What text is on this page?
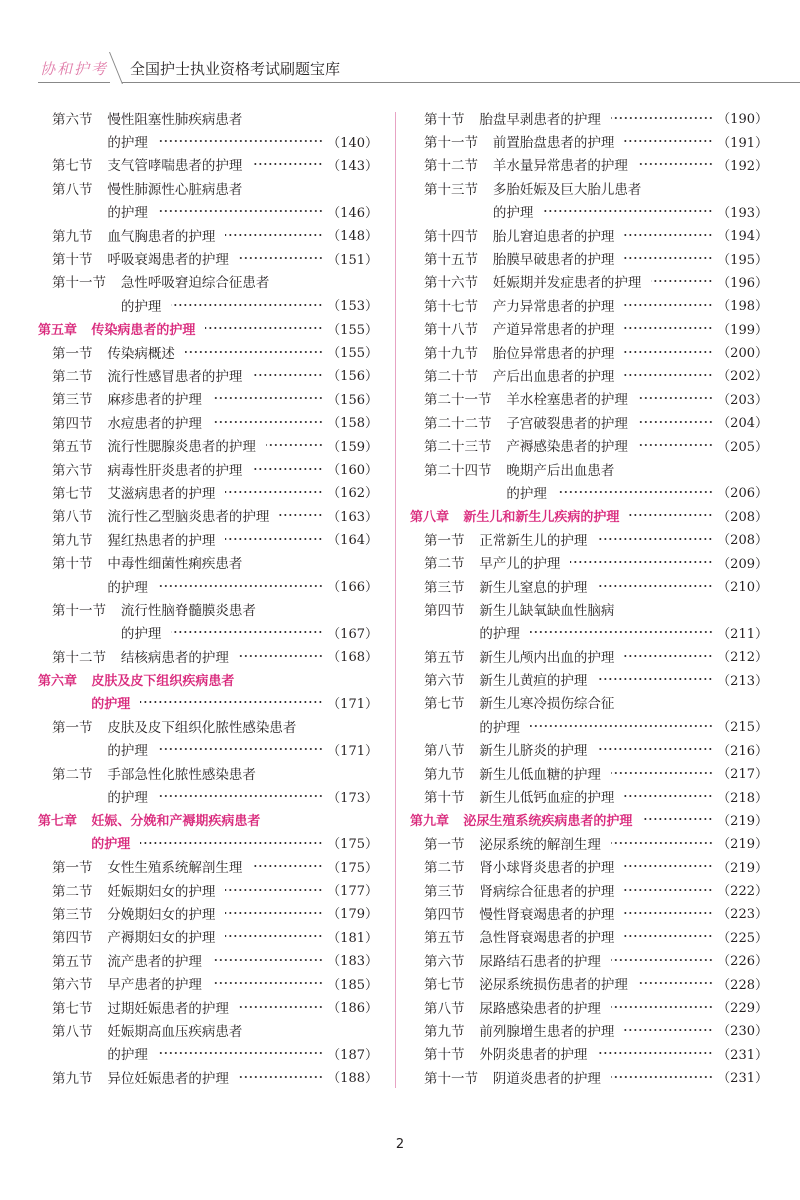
协和护考 全国护士执业资格考试刷题宝库
第六节 慢性阻塞性肺疾病患者
的护理	（140）
第七节 支气管哮喘患者的护理	（143）
第八节 慢性肺源性心脏病患者
的护理	（146）
第九节 血气胸患者的护理	（148）
第十节 呼吸衰竭患者的护理	（151）
第十一节 急性呼吸窘迫综合征患者
的护理	（153）
第五章 传染病患者的护理	（155）
第一节 传染病概述	（155）
第二节 流行性感冒患者的护理	（156）
第三节 麻疹患者的护理	（156）
第四节 水痘患者的护理	（158）
第五节 流行性腮腺炎患者的护理	（159）
第六节 病毒性肝炎患者的护理	（160）
第七节 艾滋病患者的护理	（162）
第八节 流行性乙型脑炎患者的护理	（163）
第九节 猩红热患者的护理	（164）
第十节 中毒性细菌性痢疾患者
的护理	（166）
第十一节 流行性脑脊髓膜炎患者
的护理	（167）
第十二节 结核病患者的护理	（168）
第六章 皮肤及皮下组织疾病患者
的护理	（171）
第一节 皮肤及皮下组织化脓性感染患者
的护理	（171）
第二节 手部急性化脓性感染患者
的护理	（173）
第七章 妊娠、分娩和产褥期疾病患者
的护理	（175）
第一节 女性生殖系统解剖生理	（175）
第二节 妊娠期妇女的护理	（177）
第三节 分娩期妇女的护理	（179）
第四节 产褥期妇女的护理	（181）
第五节 流产患者的护理	（183）
第六节 早产患者的护理	（185）
第七节 过期妊娠患者的护理	（186）
第八节 妊娠期高血压疾病患者
的护理	（187）
第九节 异位妊娠患者的护理	（188）
第十节 胎盘早剥患者的护理	（190）
第十一节 前置胎盘患者的护理	（191）
第十二节 羊水量异常患者的护理	（192）
第十三节 多胎妊娠及巨大胎儿患者
的护理	（193）
第十四节 胎儿窘迫患者的护理	（194）
第十五节 胎膜早破患者的护理	（195）
第十六节 妊娠期并发症患者的护理	（196）
第十七节 产力异常患者的护理	（198）
第十八节 产道异常患者的护理	（199）
第十九节 胎位异常患者的护理	（200）
第二十节 产后出血患者的护理	（202）
第二十一节 羊水栓塞患者的护理	（203）
第二十二节 子宫破裂患者的护理	（204）
第二十三节 产褥感染患者的护理	（205）
第二十四节 晚期产后出血患者
的护理	（206）
第八章 新生儿和新生儿疾病的护理	（208）
第一节 正常新生儿的护理	（208）
第二节 早产儿的护理	（209）
第三节 新生儿窒息的护理	（210）
第四节 新生儿缺氧缺血性脑病
的护理	（211）
第五节 新生儿颅内出血的护理	（212）
第六节 新生儿黄疸的护理	（213）
第七节 新生儿寒冷损伤综合征
的护理	（215）
第八节 新生儿脐炎的护理	（216）
第九节 新生儿低血糖的护理	（217）
第十节 新生儿低钙血症的护理	（218）
第九章 泌尿生殖系统疾病患者的护理	（219）
第一节 泌尿系统的解剖生理	（219）
第二节 肾小球肾炎患者的护理	（219）
第三节 肾病综合征患者的护理	（222）
第四节 慢性肾衰竭患者的护理	（223）
第五节 急性肾衰竭患者的护理	（225）
第六节 尿路结石患者的护理	（226）
第七节 泌尿系统损伤患者的护理	（228）
第八节 尿路感染患者的护理	（229）
第九节 前列腺增生患者的护理	（230）
第十节 外阴炎患者的护理	（231）
第十一节 阴道炎患者的护理	（231）
2
